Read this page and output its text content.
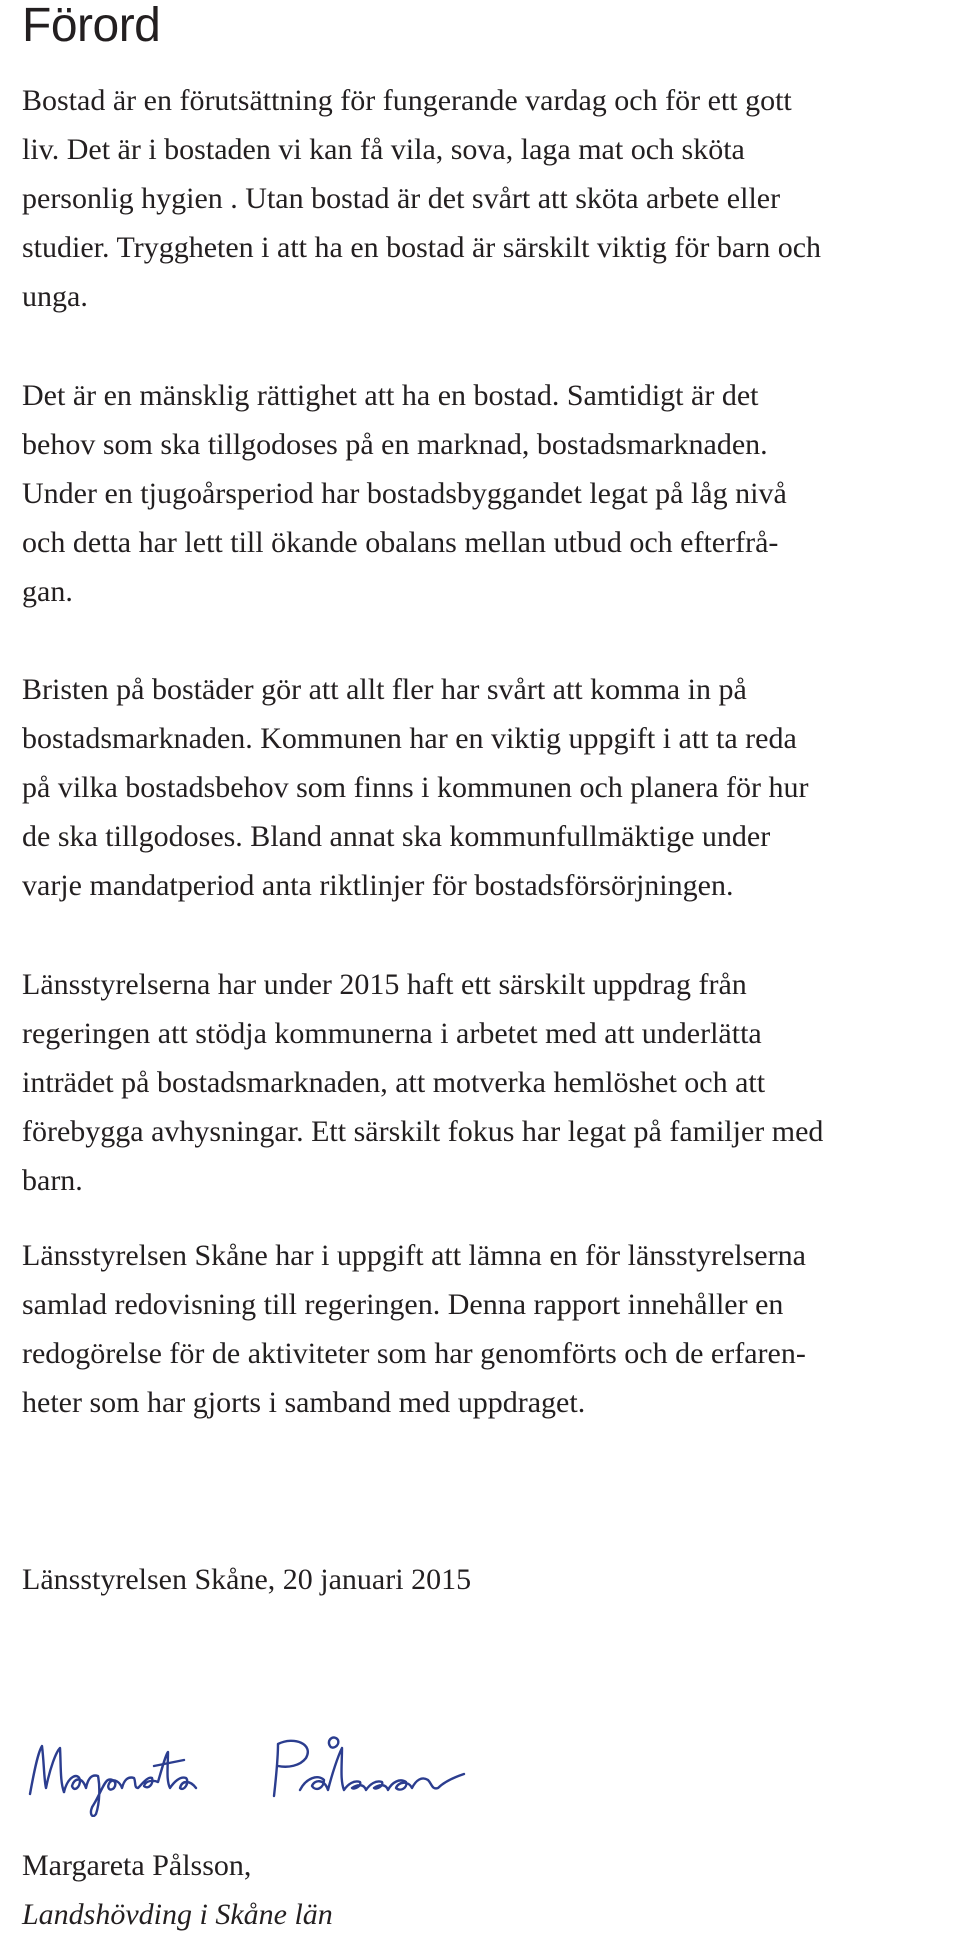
Förord

Bostad är en förutsättning för fungerande vardag och för ett gott
liv. Det är i bostaden vi kan få vila, sova, laga mat och sköta
personlig hygien . Utan bostad är det svårt att sköta arbete eller
studier. Tryggheten i att ha en bostad är särskilt viktig för barn och
unga.

Det är en mänsklig rättighet att ha en bostad. Samtidigt är det
behov som ska tillgodoses på en marknad, bostadsmarknaden.
Under en tjugoårsperiod har bostadsbyggandet legat på låg nivå
och detta har lett till ökande obalans mellan utbud och efterfrå-
gan.

Bristen på bostäder gör att allt fler har svårt att komma in på
bostadsmarknaden. Kommunen har en viktig uppgift i att ta reda
på vilka bostadsbehov som finns i kommunen och planera för hur
de ska tillgodoses. Bland annat ska kommunfullmäktige under
varje mandatperiod anta riktlinjer för bostadsförsörjningen.

Länsstyrelserna har under 2015 haft ett särskilt uppdrag från
regeringen att stödja kommunerna i arbetet med att underlätta
inträdet på bostadsmarknaden, att motverka hemlöshet och att
förebygga avhysningar. Ett särskilt fokus har legat på familjer med
barn.

Länsstyrelsen Skåne har i uppgift att lämna en för länsstyrelserna
samlad redovisning till regeringen. Denna rapport innehåller en
redogörelse för de aktiviteter som har genomförts och de erfaren-
heter som har gjorts i samband med uppdraget.

Länsstyrelsen Skåne, 20 januari 2015

Margareta Pålsson,

Landshövding i Skåne län
